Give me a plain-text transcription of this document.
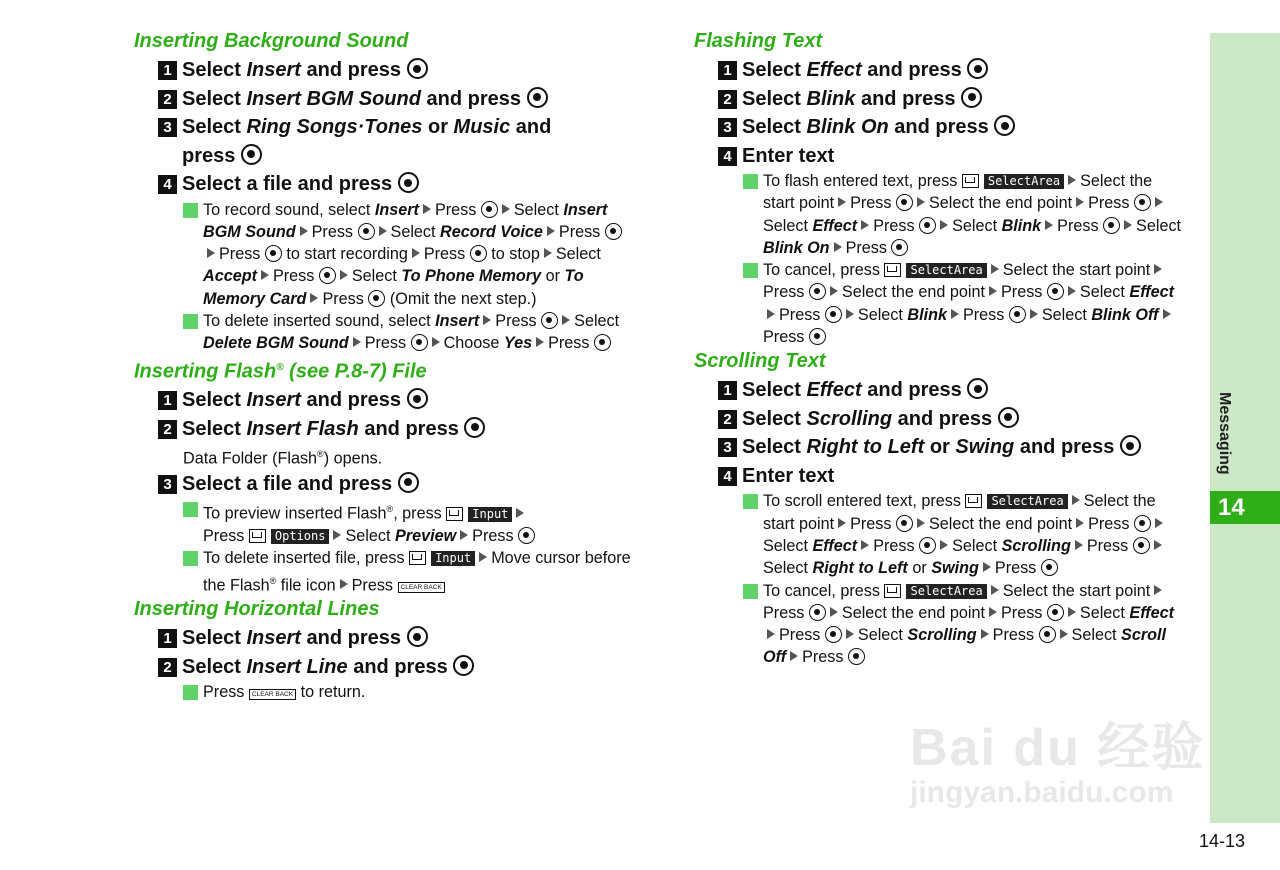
Inserting Background Sound
1 Select Insert and press
2 Select Insert BGM Sound and press
3 Select Ring Songs·Tones or Music and
press
4 Select a file and press
To record sound, select Insert Press Select Insert BGM Sound Press Select Record Voice Press Press to start recording Press to stop Select Accept Press Select To Phone Memory or To Memory Card Press (Omit the next step.)
To delete inserted sound, select Insert Press Select Delete BGM Sound Press Choose Yes Press
Inserting Flash® (see P.8-7) File
1 Select Insert and press
2 Select Insert Flash and press
Data Folder (Flash®) opens.
3 Select a file and press
To preview inserted Flash®, press	Input
Press	Options Select Preview Press
To delete inserted file, press	Input Move cursor before the Flash® file icon Press CLEAR BACK
Inserting Horizontal Lines
1 Select Insert and press
2 Select Insert Line and press
Press CLEAR BACK to return.
Flashing Text
1 Select Effect and press
2 Select Blink and press
3 Select Blink On and press
4 Enter text
To flash entered text, press	SelectArea Select the start point Press Select the end point Press Select Effect Press Select Blink Press Select Blink On Press
To cancel, press	SelectArea Select the start pointPress Select the end point Press Select EffectPress Select Blink Press Select Blink OffPress
Scrolling Text
1 Select Effect and press
2 Select Scrolling and press
3 Select Right to Left or Swing and press
4 Enter text
To scroll entered text, press	SelectArea Select the start point Press Select the end point Press Select Effect Press Select Scrolling Press Select Right to Left or Swing Press
To cancel, press	SelectArea Select the start pointPress Select the end point Press Select EffectPress Select Scrolling Press Select Scroll Off Press
Messaging
14
14-13
Bai du 经验
jingyan.baidu.com
